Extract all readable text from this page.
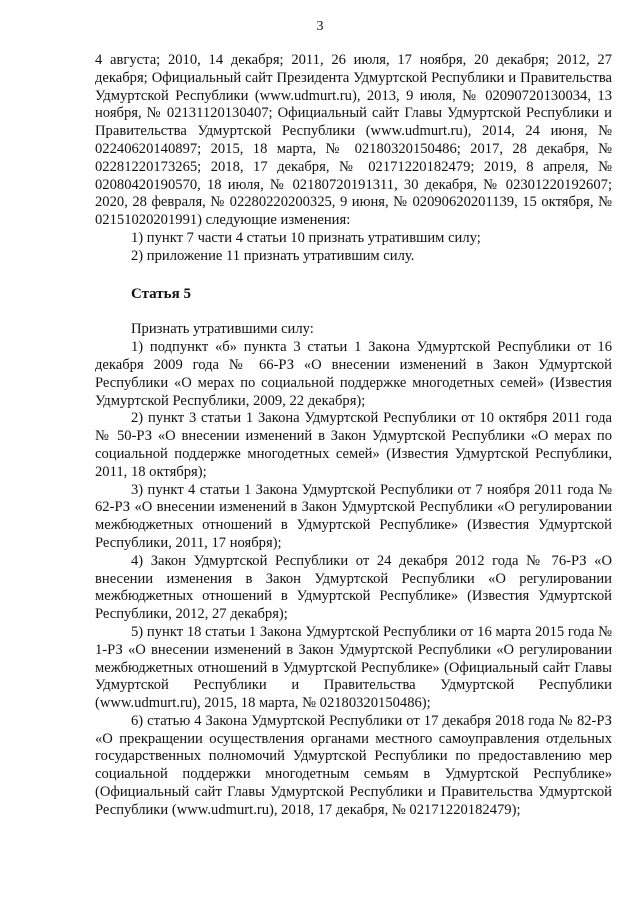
3

4 августа; 2010, 14 декабря; 2011, 26 июля, 17 ноября, 20 декабря; 2012, 27 декабря; Официальный сайт Президента Удмуртской Республики и Правительства Удмуртской Республики (www.udmurt.ru), 2013, 9 июля, № 02090720130034, 13 ноября, № 02131120130407; Официальный сайт Главы Удмуртской Республики и Правительства Удмуртской Республики (www.udmurt.ru), 2014, 24 июня, № 02240620140897; 2015, 18 марта, № 02180320150486; 2017, 28 декабря, № 02281220173265; 2018, 17 декабря, № 02171220182479; 2019, 8 апреля, № 02080420190570, 18 июля, № 02180720191311, 30 декабря, № 02301220192607; 2020, 28 февраля, № 02280220200325, 9 июня, № 02090620201139, 15 октября, № 02151020201991) следующие изменения:

1) пункт 7 части 4 статьи 10 признать утратившим силу;

2) приложение 11 признать утратившим силу.

Статья 5

Признать утратившими силу:

1) подпункт «б» пункта 3 статьи 1 Закона Удмуртской Республики от 16 декабря 2009 года № 66-РЗ «О внесении изменений в Закон Удмуртской Республики «О мерах по социальной поддержке многодетных семей» (Известия Удмуртской Республики, 2009, 22 декабря);

2) пункт 3 статьи 1 Закона Удмуртской Республики от 10 октября 2011 года № 50-РЗ «О внесении изменений в Закон Удмуртской Республики «О мерах по социальной поддержке многодетных семей» (Известия Удмуртской Республики, 2011, 18 октября);

3) пункт 4 статьи 1 Закона Удмуртской Республики от 7 ноября 2011 года № 62-РЗ «О внесении изменений в Закон Удмуртской Республики «О регулировании межбюджетных отношений в Удмуртской Республике» (Известия Удмуртской Республики, 2011, 17 ноября);

4) Закон Удмуртской Республики от 24 декабря 2012 года № 76-РЗ «О внесении изменения в Закон Удмуртской Республики «О регулировании межбюджетных отношений в Удмуртской Республике» (Известия Удмуртской Республики, 2012, 27 декабря);

5) пункт 18 статьи 1 Закона Удмуртской Республики от 16 марта 2015 года № 1-РЗ «О внесении изменений в Закон Удмуртской Республики «О регулировании межбюджетных отношений в Удмуртской Республике» (Официальный сайт Главы Удмуртской Республики и Правительства Удмуртской Республики (www.udmurt.ru), 2015, 18 марта, № 02180320150486);

6) статью 4 Закона Удмуртской Республики от 17 декабря 2018 года № 82-РЗ «О прекращении осуществления органами местного самоуправления отдельных государственных полномочий Удмуртской Республики по предоставлению мер социальной поддержки многодетным семьям в Удмуртской Республике» (Официальный сайт Главы Удмуртской Республики и Правительства Удмуртской Республики (www.udmurt.ru), 2018, 17 декабря, № 02171220182479);
